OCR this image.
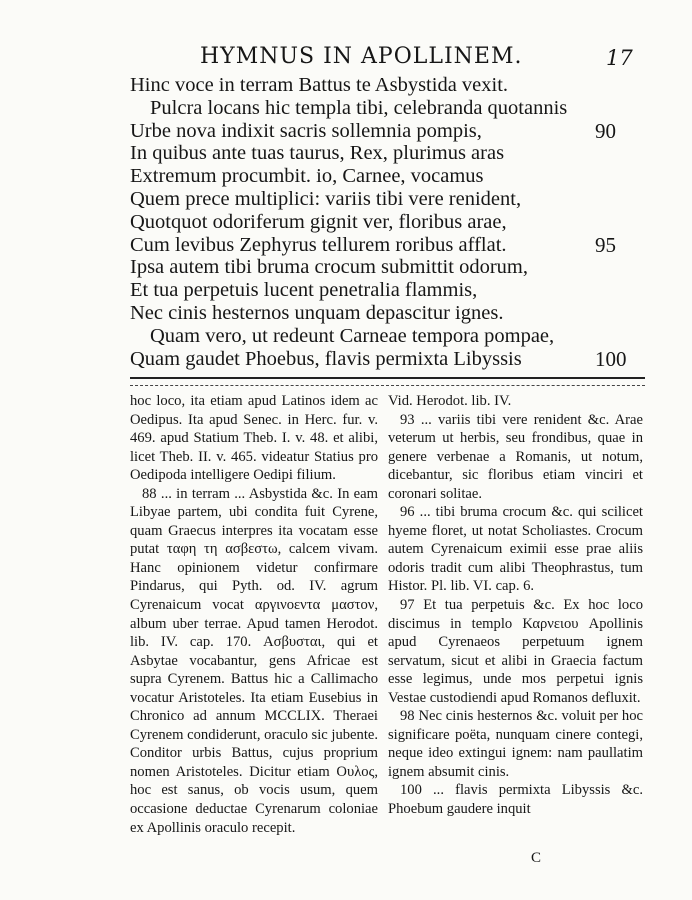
HYMNUS IN APOLLINEM.	17
Hinc voce in terram Battus te Asbystida vexit.
Pulcra locans hic templa tibi, celebranda quotannis
Urbe nova indixit sacris sollemnia pompis,	90
In quibus ante tuas taurus, Rex, plurimus aras
Extremum procumbit. io, Carnee, vocamus
Quem prece multiplici: variis tibi vere renident,
Quotquot odoriferum gignit ver, floribus arae,
Cum levibus Zephyrus tellurem roribus afflat.	95
Ipsa autem tibi bruma crocum submittit odorum,
Et tua perpetuis lucent penetralia flammis,
Nec cinis hesternos unquam depascitur ignes.
Quam vero, ut redeunt Carneae tempora pompae,
Quam gaudet Phoebus, flavis permixta Libyssis	100

hoc loco, ita etiam apud Latinos idem ac Oedipus. Ita apud Senec. in Herc. fur. v. 469. apud Statium Theb. I. v. 48. et alibi, licet Theb. II. v. 465. videatur Statius pro Oedipoda intelligere Oedipi filium.

88 ... in terram ... Asbystida &c. In eam Libyae partem, ubi condita fuit Cyrene, quam Graecus interpres ita vocatam esse putat ταφη τη ασβεστω, calcem vivam. Hanc opinionem videtur confirmare Pindarus, qui Pyth. od. IV. agrum Cyrenaicum vocat αργινοεντα μαστον, album uber terrae. Apud tamen Herodot. lib. IV. cap. 170. Ασβυσται, qui et Asbytae vocabantur, gens Africae est supra Cyrenem. Battus hic a Callimacho vocatur Aristoteles. Ita etiam Eusebius in Chronico ad annum MCCLIX. Theraei Cyrenem condiderunt, oraculo sic jubente. Conditor urbis Battus, cujus proprium nomen Aristoteles. Dicitur etiam Ουλος, hoc est sanus, ob vocis usum, quem occasione deductae Cyrenarum coloniae ex Apollinis oraculo recepit.

Vid. Herodot. lib. IV.

93 ... variis tibi vere renident &c. Arae veterum ut herbis, seu frondibus, quae in genere verbenae a Romanis, ut notum, dicebantur, sic floribus etiam vinciri et coronari solitae.

96 ... tibi bruma crocum &c. qui scilicet hyeme floret, ut notat Scholiastes. Crocum autem Cyrenaicum eximii esse prae aliis odoris tradit cum alibi Theophrastus, tum Histor. Pl. lib. VI. cap. 6.

97 Et tua perpetuis &c. Ex hoc loco discimus in templo Καρνειου Apollinis apud Cyrenaeos perpetuum ignem servatum, sicut et alibi in Graecia factum esse legimus, unde mos perpetui ignis Vestae custodiendi apud Romanos defluxit.

98 Nec cinis hesternos &c. voluit per hoc significare poëta, nunquam cinere contegi, neque ideo extingui ignem: nam paullatim ignem absumit cinis.

100 ... flavis permixta Libyssis &c. Phoebum gaudere inquit

C
